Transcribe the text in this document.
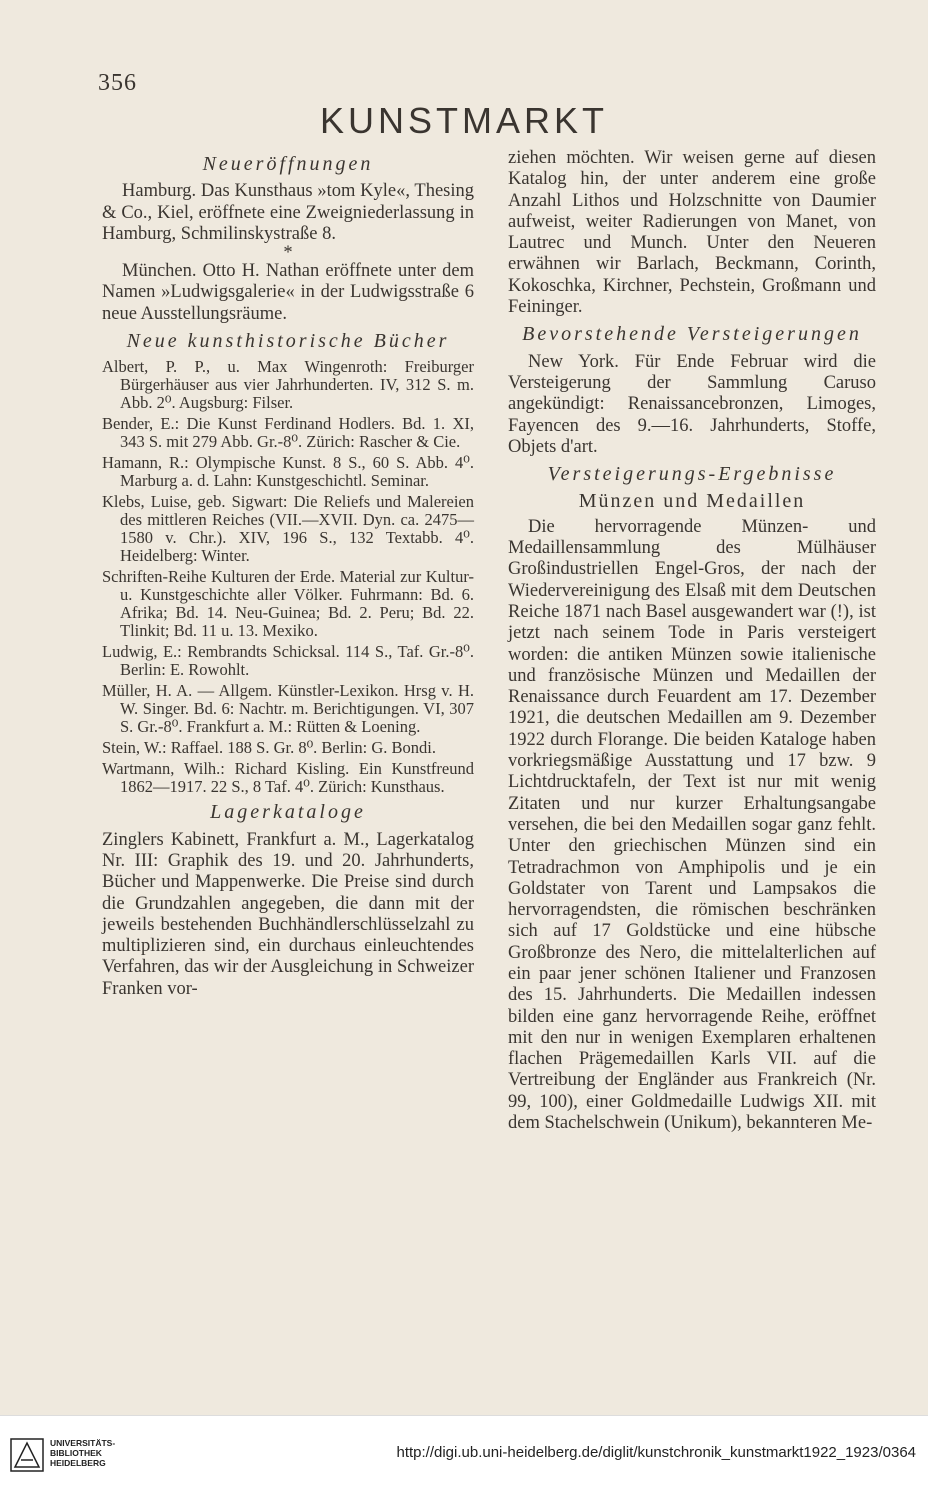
356
KUNSTMARKT
Neueröffnungen

Hamburg. Das Kunsthaus »tom Kyle«, Thesing & Co., Kiel, eröffnete eine Zweigniederlassung in Hamburg, Schmilinskystraße 8.

*

München. Otto H. Nathan eröffnete unter dem Namen »Ludwigsgalerie« in der Ludwigsstraße 6 neue Ausstellungsräume.

Neue kunsthistorische Bücher

Albert, P. P., u. Max Wingenroth: Freiburger Bürgerhäuser aus vier Jahrhunderten. IV, 312 S. m. Abb. 2⁰. Augsburg: Filser.

Bender, E.: Die Kunst Ferdinand Hodlers. Bd. 1. XI, 343 S. mit 279 Abb. Gr.-8⁰. Zürich: Rascher & Cie.

Hamann, R.: Olympische Kunst. 8 S., 60 S. Abb. 4⁰. Marburg a. d. Lahn: Kunstgeschichtl. Seminar.

Klebs, Luise, geb. Sigwart: Die Reliefs und Malereien des mittleren Reiches (VII.—XVII. Dyn. ca. 2475—1580 v. Chr.). XIV, 196 S., 132 Textabb. 4⁰. Heidelberg: Winter.

Schriften-Reihe Kulturen der Erde. Material zur Kultur- u. Kunstgeschichte aller Völker. Fuhrmann: Bd. 6. Afrika; Bd. 14. Neu-Guinea; Bd. 2. Peru; Bd. 22. Tlinkit; Bd. 11 u. 13. Mexiko.

Ludwig, E.: Rembrandts Schicksal. 114 S., Taf. Gr.-8⁰. Berlin: E. Rowohlt.

Müller, H. A. — Allgem. Künstler-Lexikon. Hrsg v. H. W. Singer. Bd. 6: Nachtr. m. Berichtigungen. VI, 307 S. Gr.-8⁰. Frankfurt a. M.: Rütten & Loening.

Stein, W.: Raffael. 188 S. Gr. 8⁰. Berlin: G. Bondi.

Wartmann, Wilh.: Richard Kisling. Ein Kunstfreund 1862—1917. 22 S., 8 Taf. 4⁰. Zürich: Kunsthaus.

Lagerkataloge

Zinglers Kabinett, Frankfurt a. M., Lagerkatalog Nr. III: Graphik des 19. und 20. Jahrhunderts, Bücher und Mappenwerke. Die Preise sind durch die Grundzahlen angegeben, die dann mit der jeweils bestehenden Buchhändlerschlüsselzahl zu multiplizieren sind, ein durchaus einleuchtendes Verfahren, das wir der Ausgleichung in Schweizer Franken vor-

ziehen möchten. Wir weisen gerne auf diesen Katalog hin, der unter anderem eine große Anzahl Lithos und Holzschnitte von Daumier aufweist, weiter Radierungen von Manet, von Lautrec und Munch. Unter den Neueren erwähnen wir Barlach, Beckmann, Corinth, Kokoschka, Kirchner, Pechstein, Großmann und Feininger.

Bevorstehende Versteigerungen

New York. Für Ende Februar wird die Versteigerung der Sammlung Caruso angekündigt: Renaissancebronzen, Limoges, Fayencen des 9.—16. Jahrhunderts, Stoffe, Objets d'art.

Versteigerungs-Ergebnisse
Münzen und Medaillen

Die hervorragende Münzen- und Medaillensammlung des Mülhäuser Großindustriellen Engel-Gros, der nach der Wiedervereinigung des Elsaß mit dem Deutschen Reiche 1871 nach Basel ausgewandert war (!), ist jetzt nach seinem Tode in Paris versteigert worden: die antiken Münzen sowie italienische und französische Münzen und Medaillen der Renaissance durch Feuardent am 17. Dezember 1921, die deutschen Medaillen am 9. Dezember 1922 durch Florange. Die beiden Kataloge haben vorkriegsmäßige Ausstattung und 17 bzw. 9 Lichtdrucktafeln, der Text ist nur mit wenig Zitaten und nur kurzer Erhaltungsangabe versehen, die bei den Medaillen sogar ganz fehlt. Unter den griechischen Münzen sind ein Tetradrachmon von Amphipolis und je ein Goldstater von Tarent und Lampsakos die hervorragendsten, die römischen beschränken sich auf 17 Goldstücke und eine hübsche Großbronze des Nero, die mittelalterlichen auf ein paar jener schönen Italiener und Franzosen des 15. Jahrhunderts. Die Medaillen indessen bilden eine ganz hervorragende Reihe, eröffnet mit den nur in wenigen Exemplaren erhaltenen flachen Prägemedaillen Karls VII. auf die Vertreibung der Engländer aus Frankreich (Nr. 99, 100), einer Goldmedaille Ludwigs XII. mit dem Stachelschwein (Unikum), bekannteren Me-

UNIVERSITÄTS-
BIBLIOTHEK
HEIDELBERG
http://digi.ub.uni-heidelberg.de/diglit/kunstchronik_kunstmarkt1922_1923/0364
